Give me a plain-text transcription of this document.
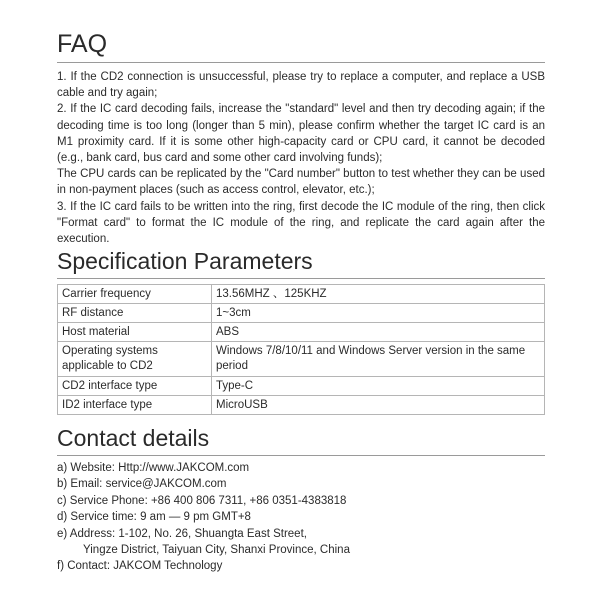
FAQ

1. If the CD2 connection is unsuccessful, please try to replace a computer, and replace a USB cable and try again;

2. If the IC card decoding fails, increase the "standard" level and then try decoding again; if the decoding time is too long (longer than 5 min), please confirm whether the target IC card is an M1 proximity card. If it is some other high-capacity card or CPU card, it cannot be decoded (e.g., bank card, bus card and some other card involving funds);

The CPU cards can be replicated by the "Card number" button to test whether they can be used in non-payment places (such as access control, elevator, etc.);

3. If the IC card fails to be written into the ring, first decode the IC module of the ring, then click "Format card" to format the IC module of the ring, and replicate the card again after the execution.

Specification Parameters
Carrier frequency	13.56MHZ 、125KHZ
RF distance	1~3cm
Host material	ABS
Operating systems applicable to CD2	Windows 7/8/10/11 and Windows Server version in the same period
CD2 interface type	Type-C
ID2 interface type	MicroUSB
Contact details
a) Website: Http://www.JAKCOM.com
b) Email: service@JAKCOM.com
c) Service Phone: +86 400 806 7311, +86 0351-4383818
d) Service time: 9 am — 9 pm GMT+8
e) Address: 1-102, No. 26, Shuangta East Street,
Yingze District, Taiyuan City, Shanxi Province, China
f) Contact: JAKCOM Technology
